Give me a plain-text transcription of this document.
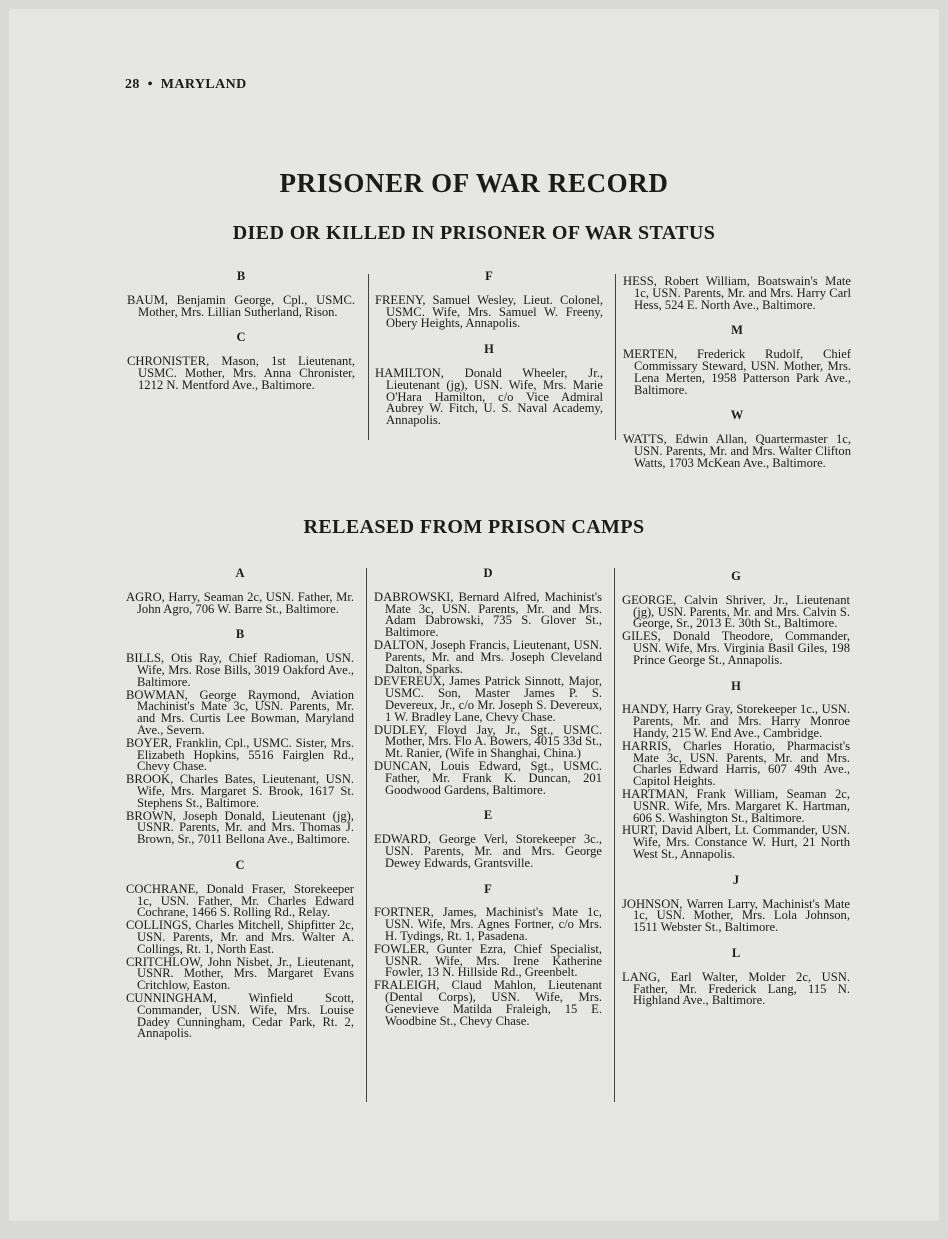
28 • MARYLAND
PRISONER OF WAR RECORD
DIED OR KILLED IN PRISONER OF WAR STATUS
RELEASED FROM PRISON CAMPS
B
BAUM, Benjamin George, Cpl., USMC. Mother, Mrs. Lillian Sutherland, Rison.
C
CHRONISTER, Mason, 1st Lieutenant, USMC. Mother, Mrs. Anna Chronister, 1212 N. Mentford Ave., Baltimore.
F
FREENY, Samuel Wesley, Lieut. Colonel, USMC. Wife, Mrs. Samuel W. Freeny, Obery Heights, Annapolis.
H
HAMILTON, Donald Wheeler, Jr., Lieutenant (jg), USN. Wife, Mrs. Marie O'Hara Hamilton, c/o Vice Admiral Aubrey W. Fitch, U. S. Naval Academy, Annapolis.
HESS, Robert William, Boatswain's Mate 1c, USN. Parents, Mr. and Mrs. Harry Carl Hess, 524 E. North Ave., Baltimore.
M
MERTEN, Frederick Rudolf, Chief Commissary Steward, USN. Mother, Mrs. Lena Merten, 1958 Patterson Park Ave., Baltimore.
W
WATTS, Edwin Allan, Quartermaster 1c, USN. Parents, Mr. and Mrs. Walter Clifton Watts, 1703 McKean Ave., Baltimore.
A
AGRO, Harry, Seaman 2c, USN. Father, Mr. John Agro, 706 W. Barre St., Baltimore.
B
BILLS, Otis Ray, Chief Radioman, USN. Wife, Mrs. Rose Bills, 3019 Oakford Ave., Baltimore.
BOWMAN, George Raymond, Aviation Machinist's Mate 3c, USN. Parents, Mr. and Mrs. Curtis Lee Bowman, Maryland Ave., Severn.
BOYER, Franklin, Cpl., USMC. Sister, Mrs. Elizabeth Hopkins, 5516 Fairglen Rd., Chevy Chase.
BROOK, Charles Bates, Lieutenant, USN. Wife, Mrs. Margaret S. Brook, 1617 St. Stephens St., Baltimore.
BROWN, Joseph Donald, Lieutenant (jg), USNR. Parents, Mr. and Mrs. Thomas J. Brown, Sr., 7011 Bellona Ave., Baltimore.
C
COCHRANE, Donald Fraser, Storekeeper 1c, USN. Father, Mr. Charles Edward Cochrane, 1466 S. Rolling Rd., Relay.
COLLINGS, Charles Mitchell, Shipfitter 2c, USN. Parents, Mr. and Mrs. Walter A. Collings, Rt. 1, North East.
CRITCHLOW, John Nisbet, Jr., Lieutenant, USNR. Mother, Mrs. Margaret Evans Critchlow, Easton.
CUNNINGHAM, Winfield Scott, Commander, USN. Wife, Mrs. Louise Dadey Cunningham, Cedar Park, Rt. 2, Annapolis.
D
DABROWSKI, Bernard Alfred, Machinist's Mate 3c, USN. Parents, Mr. and Mrs. Adam Dabrowski, 735 S. Glover St., Baltimore.
DALTON, Joseph Francis, Lieutenant, USN. Parents, Mr. and Mrs. Joseph Cleveland Dalton, Sparks.
DEVEREUX, James Patrick Sinnott, Major, USMC. Son, Master James P. S. Devereux, Jr., c/o Mr. Joseph S. Devereux, 1 W. Bradley Lane, Chevy Chase.
DUDLEY, Floyd Jay, Jr., Sgt., USMC. Mother, Mrs. Flo A. Bowers, 4015 33d St., Mt. Ranier, (Wife in Shanghai, China.)
DUNCAN, Louis Edward, Sgt., USMC. Father, Mr. Frank K. Duncan, 201 Goodwood Gardens, Baltimore.
E
EDWARD, George Verl, Storekeeper 3c., USN. Parents, Mr. and Mrs. George Dewey Edwards, Grantsville.
F
FORTNER, James, Machinist's Mate 1c, USN. Wife, Mrs. Agnes Fortner, c/o Mrs. H. Tydings, Rt. 1, Pasadena.
FOWLER, Gunter Ezra, Chief Specialist, USNR. Wife, Mrs. Irene Katherine Fowler, 13 N. Hillside Rd., Greenbelt.
FRALEIGH, Claud Mahlon, Lieutenant (Dental Corps), USN. Wife, Mrs. Genevieve Matilda Fraleigh, 15 E. Woodbine St., Chevy Chase.
G
GEORGE, Calvin Shriver, Jr., Lieutenant (jg), USN. Parents, Mr. and Mrs. Calvin S. George, Sr., 2013 E. 30th St., Baltimore.
GILES, Donald Theodore, Commander, USN. Wife, Mrs. Virginia Basil Giles, 198 Prince George St., Annapolis.
H
HANDY, Harry Gray, Storekeeper 1c., USN. Parents, Mr. and Mrs. Harry Monroe Handy, 215 W. End Ave., Cambridge.
HARRIS, Charles Horatio, Pharmacist's Mate 3c, USN. Parents, Mr. and Mrs. Charles Edward Harris, 607 49th Ave., Capitol Heights.
HARTMAN, Frank William, Seaman 2c, USNR. Wife, Mrs. Margaret K. Hartman, 606 S. Washington St., Baltimore.
HURT, David Albert, Lt. Commander, USN. Wife, Mrs. Constance W. Hurt, 21 North West St., Annapolis.
J
JOHNSON, Warren Larry, Machinist's Mate 1c, USN. Mother, Mrs. Lola Johnson, 1511 Webster St., Baltimore.
L
LANG, Earl Walter, Molder 2c, USN. Father, Mr. Frederick Lang, 115 N. Highland Ave., Baltimore.
